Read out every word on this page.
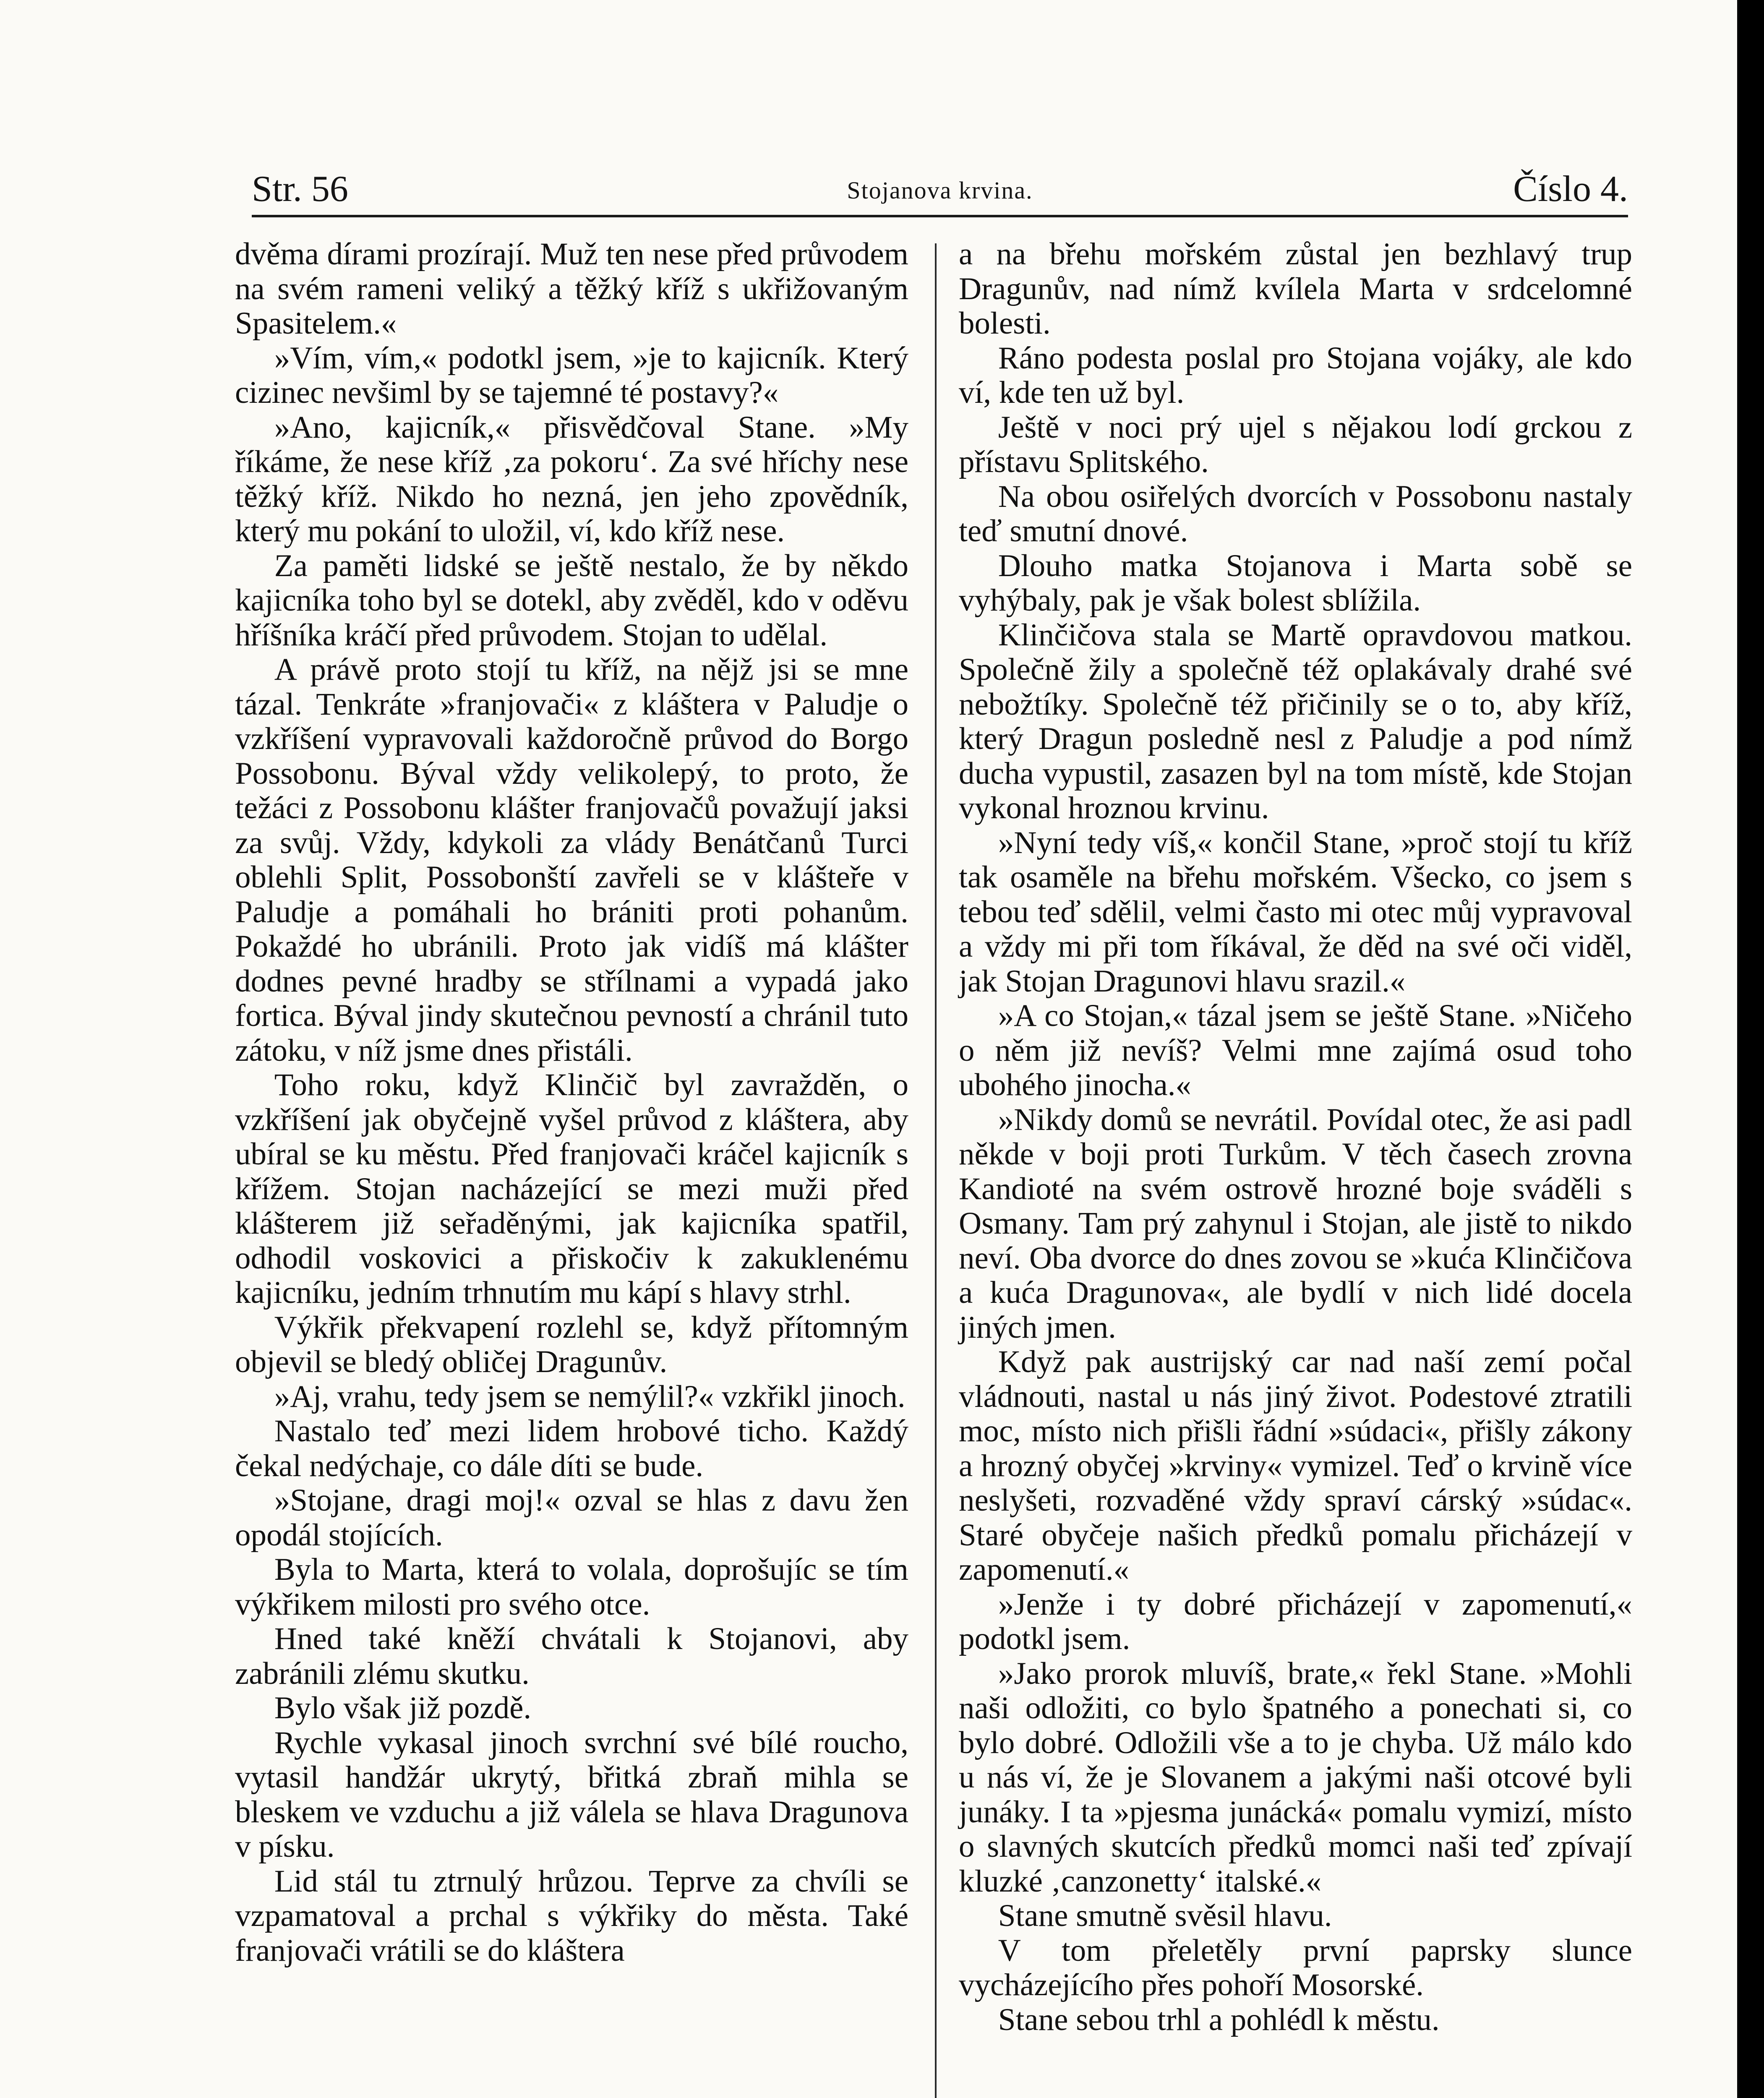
Str. 56	Stojanova krvina.	Číslo 4.

dvěma dírami prozírají. Muž ten nese před průvodem na svém rameni veliký a těžký kříž s ukřižovaným Spasitelem.«

»Vím, vím,« podotkl jsem, »je to kajicník. Který cizinec nevšiml by se tajemné té postavy?«

»Ano, kajicník,« přisvědčoval Stane. »My říkáme, že nese kříž ‚za pokoru‘. Za své hříchy nese těžký kříž. Nikdo ho nezná, jen jeho zpovědník, který mu pokání to uložil, ví, kdo kříž nese.

Za paměti lidské se ještě nestalo, že by někdo kajicníka toho byl se dotekl, aby zvěděl, kdo v oděvu hříšníka kráčí před průvodem. Stojan to udělal.

A právě proto stojí tu kříž, na nějž jsi se mne tázal. Tenkráte »franjovači« z kláštera v Paludje o vzkříšení vypravovali každoročně průvod do Borgo Possobonu. Býval vždy velikolepý, to proto, že težáci z Possobonu klášter franjovačů považují jaksi za svůj. Vždy, kdykoli za vlády Benátčanů Turci oblehli Split, Possobonští zavřeli se v klášteře v Paludje a pomáhali ho brániti proti pohanům. Pokaždé ho ubránili. Proto jak vidíš má klášter dodnes pevné hradby se střílnami a vypadá jako fortica. Býval jindy skutečnou pevností a chránil tuto zátoku, v níž jsme dnes přistáli.

Toho roku, když Klinčič byl zavražděn, o vzkříšení jak obyčejně vyšel průvod z kláštera, aby ubíral se ku městu. Před franjovači kráčel kajicník s křížem. Stojan nacházející se mezi muži před klášterem již seřaděnými, jak kajicníka spatřil, odhodil voskovici a přiskočiv k zakuklenému kajicníku, jedním trhnutím mu kápí s hlavy strhl.

Výkřik překvapení rozlehl se, když přítomným objevil se bledý obličej Dragunův.

»Aj, vrahu, tedy jsem se nemýlil?« vzkřikl jinoch.

Nastalo teď mezi lidem hrobové ticho. Každý čekal nedýchaje, co dále díti se bude.

»Stojane, dragi moj!« ozval se hlas z davu žen opodál stojících.

Byla to Marta, která to volala, doprošujíc se tím výkřikem milosti pro svého otce.

Hned také kněží chvátali k Stojanovi, aby zabránili zlému skutku.

Bylo však již pozdě.

Rychle vykasal jinoch svrchní své bílé roucho, vytasil handžár ukrytý, břitká zbraň mihla se bleskem ve vzduchu a již válela se hlava Dragunova v písku.

Lid stál tu ztrnulý hrůzou. Teprve za chvíli se vzpamatoval a prchal s výkřiky do města. Také franjovači vrátili se do kláštera

a na břehu mořském zůstal jen bezhlavý trup Dragunův, nad nímž kvílela Marta v srdcelomné bolesti.

Ráno podesta poslal pro Stojana vojáky, ale kdo ví, kde ten už byl.

Ještě v noci prý ujel s nějakou lodí grckou z přístavu Splitského.

Na obou osiřelých dvorcích v Possobonu nastaly teď smutní dnové.

Dlouho matka Stojanova i Marta sobě se vyhýbaly, pak je však bolest sblížila.

Klinčičova stala se Martě opravdovou matkou. Společně žily a společně též oplakávaly drahé své nebožtíky. Společně též přičinily se o to, aby kříž, který Dragun posledně nesl z Paludje a pod nímž ducha vypustil, zasazen byl na tom místě, kde Stojan vykonal hroznou krvinu.

»Nyní tedy víš,« končil Stane, »proč stojí tu kříž tak osaměle na břehu mořském. Všecko, co jsem s tebou teď sdělil, velmi často mi otec můj vypravoval a vždy mi při tom říkával, že děd na své oči viděl, jak Stojan Dragunovi hlavu srazil.«

»A co Stojan,« tázal jsem se ještě Stane. »Ničeho o něm již nevíš? Velmi mne zajímá osud toho ubohého jinocha.«

»Nikdy domů se nevrátil. Povídal otec, že asi padl někde v boji proti Turkům. V těch časech zrovna Kandioté na svém ostrově hrozné boje sváděli s Osmany. Tam prý zahynul i Stojan, ale jistě to nikdo neví. Oba dvorce do dnes zovou se »kuća Klinčičova a kuća Dragunova«, ale bydlí v nich lidé docela jiných jmen.

Když pak austrijský car nad naší zemí počal vládnouti, nastal u nás jiný život. Podestové ztratili moc, místo nich přišli řádní »súdaci«, přišly zákony a hrozný obyčej »krviny« vymizel. Teď o krvině více neslyšeti, rozvaděné vždy spraví cárský »súdac«. Staré obyčeje našich předků pomalu přicházejí v zapomenutí.«

»Jenže i ty dobré přicházejí v zapomenutí,« podotkl jsem.

»Jako prorok mluvíš, brate,« řekl Stane. »Mohli naši odložiti, co bylo špatného a ponechati si, co bylo dobré. Odložili vše a to je chyba. Už málo kdo u nás ví, že je Slovanem a jakými naši otcové byli junáky. I ta »pjesma junácká« pomalu vymizí, místo o slavných skutcích předků momci naši teď zpívají kluzké ‚canzonetty‘ italské.«

Stane smutně svěsil hlavu.

V tom přeletěly první paprsky slunce vycházejícího přes pohoří Mosorské.

Stane sebou trhl a pohlédl k městu.
